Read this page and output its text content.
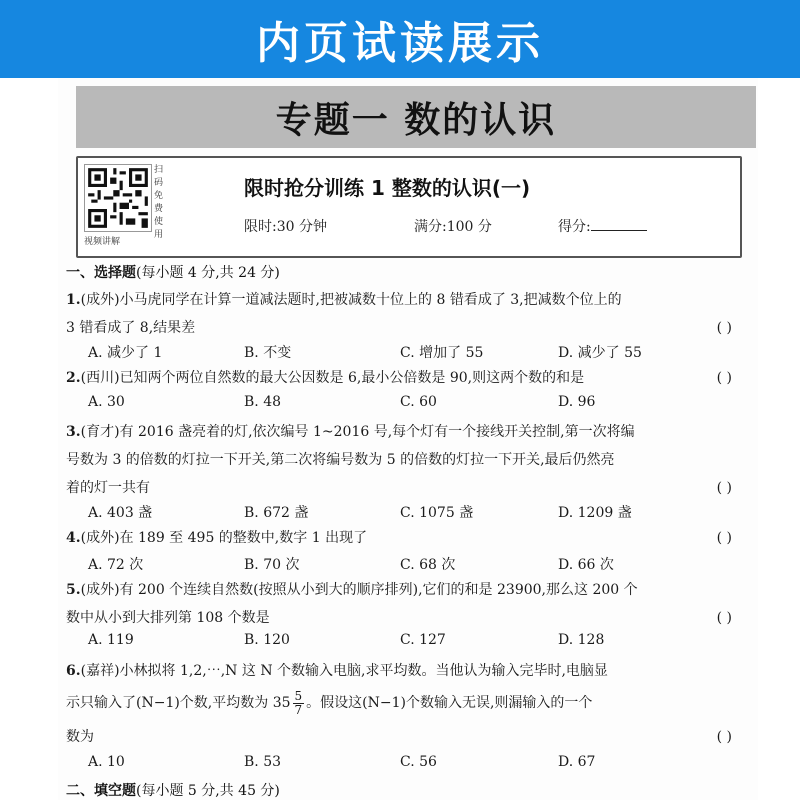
内页试读展示
专题一 数的认识
扫码免费使用
视频讲解
限时抢分训练 1 整数的认识(一)
限时:30 分钟	满分:100 分	得分:
一、选择题(每小题 4 分,共 24 分)
1.(成外)小马虎同学在计算一道减法题时,把被减数十位上的 8 错看成了 3,把减数个位上的
3 错看成了 8,结果差	( )
A. 减少了 1	B. 不变	C. 增加了 55	D. 减少了 55
2.(西川)已知两个两位自然数的最大公因数是 6,最小公倍数是 90,则这两个数的和是	( )
A. 30	B. 48	C. 60	D. 96
3.(育才)有 2016 盏亮着的灯,依次编号 1~2016 号,每个灯有一个接线开关控制,第一次将编
号数为 3 的倍数的灯拉一下开关,第二次将编号数为 5 的倍数的灯拉一下开关,最后仍然亮
着的灯一共有	( )
A. 403 盏	B. 672 盏	C. 1075 盏	D. 1209 盏
4.(成外)在 189 至 495 的整数中,数字 1 出现了	( )
A. 72 次	B. 70 次	C. 68 次	D. 66 次
5.(成外)有 200 个连续自然数(按照从小到大的顺序排列),它们的和是 23900,那么这 200 个
数中从小到大排列第 108 个数是	( )
A. 119	B. 120	C. 127	D. 128
6.(嘉祥)小林拟将 1,2,⋯,N 这 N 个数输入电脑,求平均数。当他认为输入完毕时,电脑显
示只输入了(N−1)个数,平均数为 $35 \frac{5}{7}$ 。假设这(N−1)个数输入无误,则漏输入的一个
数为	( )
A. 10	B. 53	C. 56	D. 67
二、填空题(每小题 5 分,共 45 分)
